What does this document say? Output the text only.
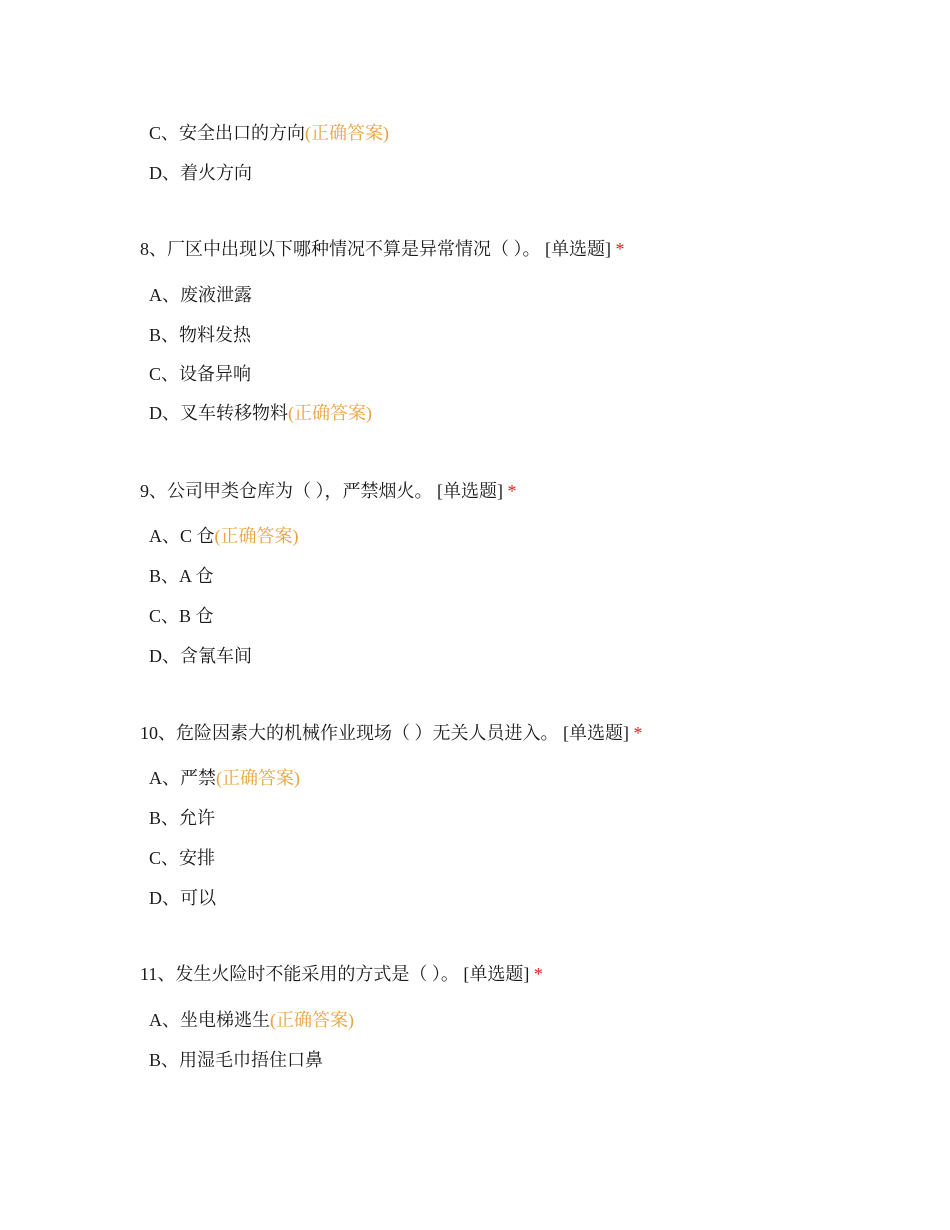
C、安全出口的方向(正确答案)
D、着火方向
8、厂区中出现以下哪种情况不算是异常情况（ ）。 [单选题] *
A、废液泄露
B、物料发热
C、设备异响
D、叉车转移物料(正确答案)
9、公司甲类仓库为（ ），严禁烟火。 [单选题] *
A、C 仓(正确答案)
B、A 仓
C、B 仓
D、含氰车间
10、危险因素大的机械作业现场（ ）无关人员进入。 [单选题] *
A、严禁(正确答案)
B、允许
C、安排
D、可以
11、发生火险时不能采用的方式是（ ）。 [单选题] *
A、坐电梯逃生(正确答案)
B、用湿毛巾捂住口鼻
